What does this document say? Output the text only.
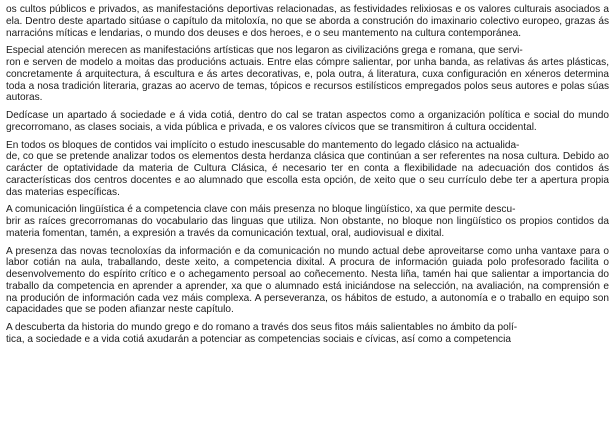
os cultos públicos e privados, as manifestacións deportivas relacionadas, as festividades relixiosas e os valores culturais asociados a ela. Dentro deste apartado sitúase o capítulo da mitoloxía, no que se aborda a construción do imaxinario colectivo europeo, grazas ás narracións míticas e lendarias, o mundo dos deuses e dos heroes, e o seu mantemento na cultura contemporánea.

Especial atención merecen as manifestacións artísticas que nos legaron as civilizacións grega e romana, que servi-
ron e serven de modelo a moitas das producións actuais. Entre elas cómpre salientar, por unha banda, as relativas ás artes plásticas, concretamente á arquitectura, á escultura e ás artes decorativas, e, pola outra, á literatura, cuxa configuración en xéneros determina toda a nosa tradición literaria, grazas ao acervo de temas, tópicos e recursos estilísticos empregados polos seus autores e polas súas autoras.

Dedícase un apartado á sociedade e á vida cotiá, dentro do cal se tratan aspectos como a organización política e social do mundo grecorromano, as clases sociais, a vida pública e privada, e os valores cívicos que se transmitiron á cultura occidental.

En todos os bloques de contidos vai implícito o estudo inescusable do mantemento do legado clásico na actualida-
de, co que se pretende analizar todos os elementos desta herdanza clásica que continúan a ser referentes na nosa cultura. Debido ao carácter de optatividade da materia de Cultura Clásica, é necesario ter en conta a flexibilidade na adecuación dos contidos ás características dos centros docentes e ao alumnado que escolla esta opción, de xeito que o seu currículo debe ter a apertura propia das materias específicas.

A comunicación lingüística é a competencia clave con máis presenza no bloque lingüístico, xa que permite descu-
brir as raíces grecorromanas do vocabulario das linguas que utiliza. Non obstante, no bloque non lingüístico os propios contidos da materia fomentan, tamén, a expresión a través da comunicación textual, oral, audiovisual e dixital.

A presenza das novas tecnoloxías da información e da comunicación no mundo actual debe aproveitarse como unha vantaxe para o labor cotián na aula, traballando, deste xeito, a competencia dixital. A procura de información guiada polo profesorado facilita o desenvolvemento do espírito crítico e o achegamento persoal ao coñecemento. Nesta liña, tamén hai que salientar a importancia do traballo da competencia en aprender a aprender, xa que o alumnado está iniciándose na selección, na avaliación, na comprensión e na produción de información cada vez máis complexa. A perseveranza, os hábitos de estudo, a autonomía e o traballo en equipo son capacidades que se poden afianzar neste capítulo.

A descuberta da historia do mundo grego e do romano a través dos seus fitos máis salientables no ámbito da polí-
tica, a sociedade e a vida cotiá axudarán a potenciar as competencias sociais e cívicas, así como a competencia
